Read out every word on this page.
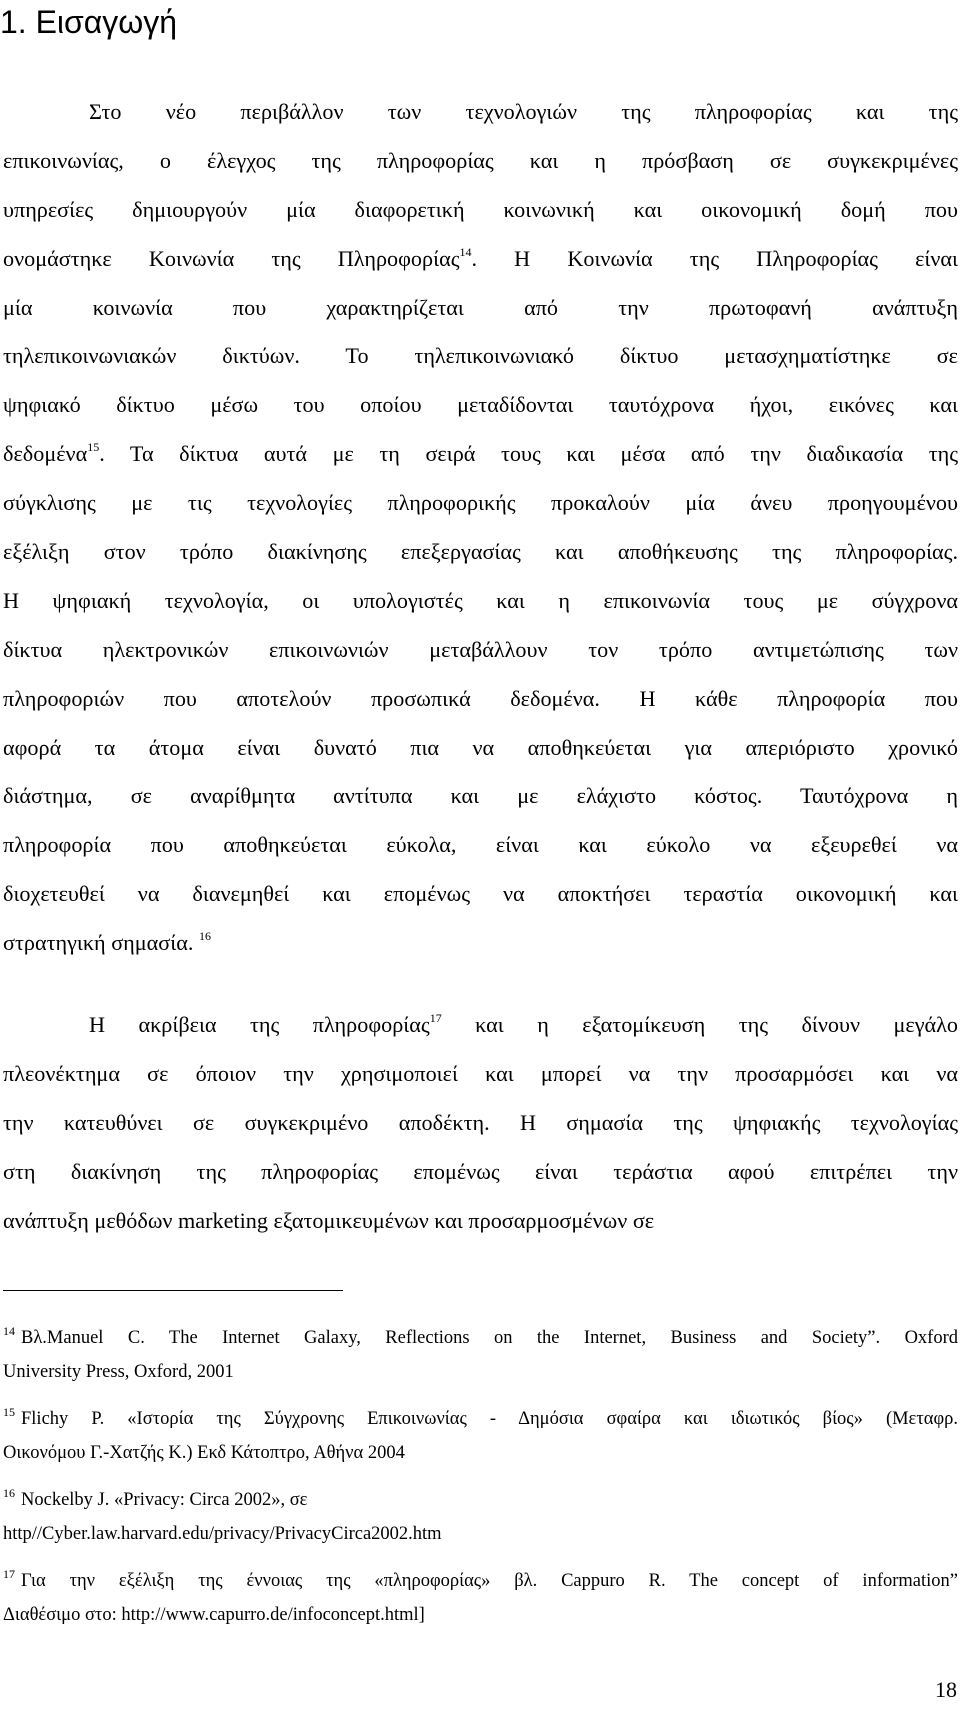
1. Εισαγωγή
Στο νέο περιβάλλον των τεχνολογιών της πληροφορίας και της
επικοινωνίας, ο έλεγχος της πληροφορίας και η πρόσβαση σε συγκεκριμένες
υπηρεσίες δημιουργούν μία διαφορετική κοινωνική και οικονομική δομή που
ονομάστηκε Κοινωνία της Πληροφορίας$^{14}$. Η Κοινωνία της Πληροφορίας είναι
μία κοινωνία που χαρακτηρίζεται από την πρωτοφανή ανάπτυξη
τηλεπικοινωνιακών δικτύων. Το τηλεπικοινωνιακό δίκτυο μετασχηματίστηκε σε
ψηφιακό δίκτυο μέσω του οποίου μεταδίδονται ταυτόχρονα ήχοι, εικόνες και
δεδομένα$^{15}$. Τα δίκτυα αυτά με τη σειρά τους και μέσα από την διαδικασία της
σύγκλισης με τις τεχνολογίες πληροφορικής προκαλούν μία άνευ προηγουμένου
εξέλιξη στον τρόπο διακίνησης επεξεργασίας και αποθήκευσης της πληροφορίας.
Η ψηφιακή τεχνολογία, οι υπολογιστές και η επικοινωνία τους με σύγχρονα
δίκτυα ηλεκτρονικών επικοινωνιών μεταβάλλουν τον τρόπο αντιμετώπισης των
πληροφοριών που αποτελούν προσωπικά δεδομένα. Η κάθε πληροφορία που
αφορά τα άτομα είναι δυνατό πια να αποθηκεύεται για απεριόριστο χρονικό
διάστημα, σε αναρίθμητα αντίτυπα και με ελάχιστο κόστος. Ταυτόχρονα η
πληροφορία που αποθηκεύεται εύκολα, είναι και εύκολο να εξευρεθεί να
διοχετευθεί να διανεμηθεί και επομένως να αποκτήσει τεραστία οικονομική και
στρατηγική σημασία. $^{16}$
Η ακρίβεια της πληροφορίας$^{17}$ και η εξατομίκευση της δίνουν μεγάλο
πλεονέκτημα σε όποιον την χρησιμοποιεί και μπορεί να την προσαρμόσει και να
την κατευθύνει σε συγκεκριμένο αποδέκτη. Η σημασία της ψηφιακής τεχνολογίας
στη διακίνηση της πληροφορίας επομένως είναι τεράστια αφού επιτρέπει την
ανάπτυξη μεθόδων marketing εξατομικευμένων και προσαρμοσμένων σε
$^{14}$ Βλ.Manuel C. The Internet Galaxy, Reflections on the Internet, Business and Society”. Oxford
University Press, Oxford, 2001
$^{15}$ Flichy P. «Ιστορία της Σύγχρονης Επικοινωνίας - Δημόσια σφαίρα και ιδιωτικός βίος» (Μεταφρ.
Οικονόμου Γ.-Χατζής Κ.) Εκδ Κάτοπτρο, Αθήνα 2004
$^{16}$ Nockelby J. «Privacy: Circa 2002», σε
http//Cyber.law.harvard.edu/privacy/PrivacyCirca2002.htm
$^{17}$ Για την εξέλιξη της έννοιας της «πληροφορίας» βλ. Cappuro R. The concept of information”
Διαθέσιμο στο: http://www.capurro.de/infoconcept.html]
18
